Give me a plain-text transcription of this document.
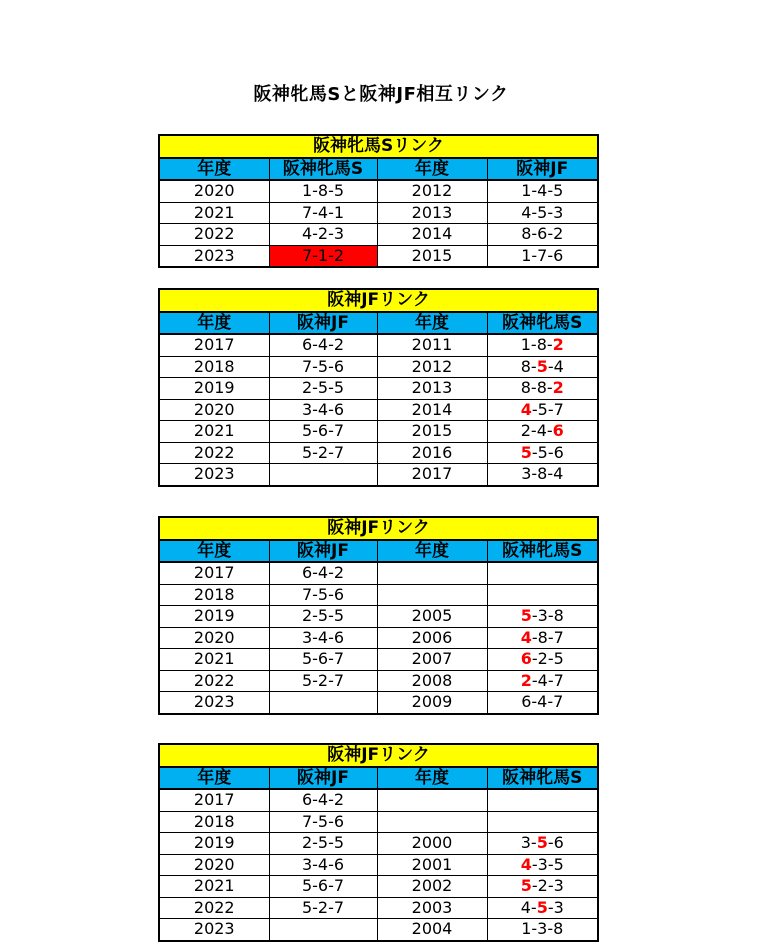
阪神牝馬Sと阪神JF相互リンク
阪神牝馬Sリンク			
年度	阪神牝馬S	年度	阪神JF
2020	1-8-5	2012	1-4-5
2021	7-4-1	2013	4-5-3
2022	4-2-3	2014	8-6-2
2023	7-1-2	2015	1-7-6
阪神JFリンク			
年度	阪神JF	年度	阪神牝馬S
2017	6-4-2	2011	1-8-2
2018	7-5-6	2012	8-5-4
2019	2-5-5	2013	8-8-2
2020	3-4-6	2014	4-5-7
2021	5-6-7	2015	2-4-6
2022	5-2-7	2016	5-5-6
2023		2017	3-8-4
阪神JFリンク			
年度	阪神JF	年度	阪神牝馬S
2017	6-4-2		
2018	7-5-6		
2019	2-5-5	2005	5-3-8
2020	3-4-6	2006	4-8-7
2021	5-6-7	2007	6-2-5
2022	5-2-7	2008	2-4-7
2023		2009	6-4-7
阪神JFリンク			
年度	阪神JF	年度	阪神牝馬S
2017	6-4-2		
2018	7-5-6		
2019	2-5-5	2000	3-5-6
2020	3-4-6	2001	4-3-5
2021	5-6-7	2002	5-2-3
2022	5-2-7	2003	4-5-3
2023		2004	1-3-8
